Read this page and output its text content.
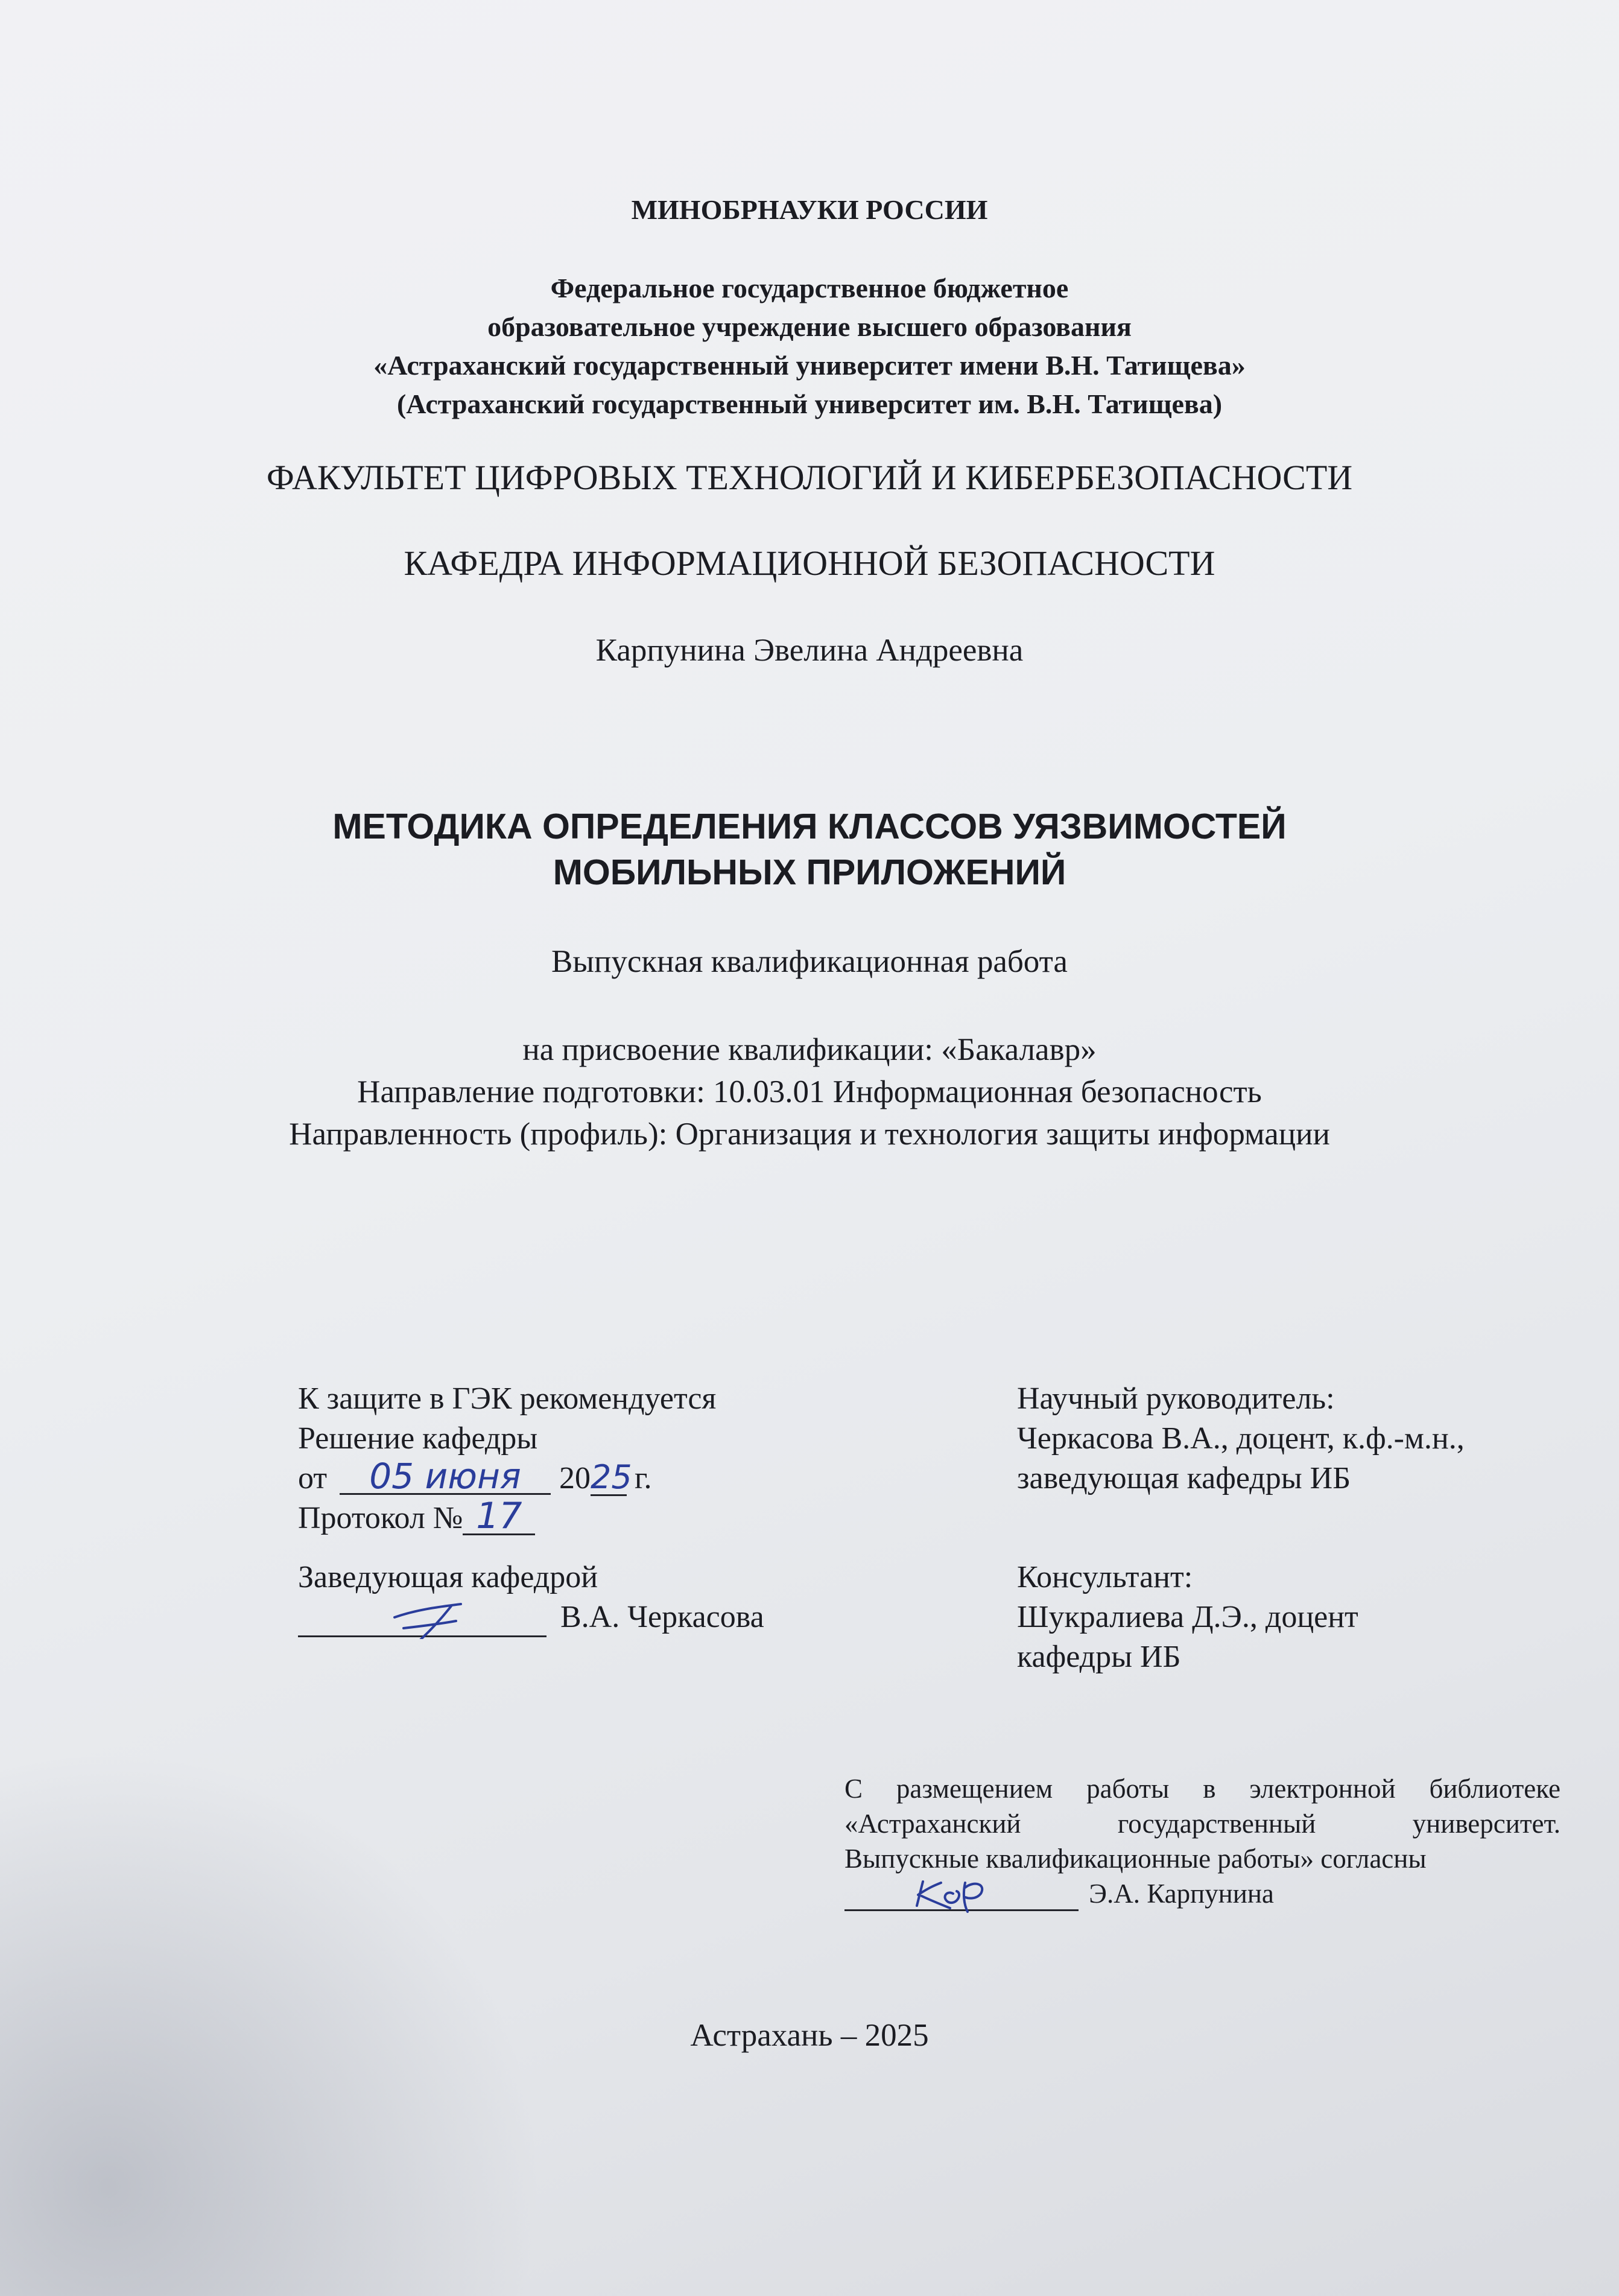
МИНОБРНАУКИ РОССИИ
Федеральное государственное бюджетное
образовательное учреждение высшего образования
«Астраханский государственный университет имени В.Н. Татищева»
(Астраханский государственный университет им. В.Н. Татищева)
ФАКУЛЬТЕТ ЦИФРОВЫХ ТЕХНОЛОГИЙ И КИБЕРБЕЗОПАСНОСТИ
КАФЕДРА ИНФОРМАЦИОННОЙ БЕЗОПАСНОСТИ
Карпунина Эвелина Андреевна
МЕТОДИКА ОПРЕДЕЛЕНИЯ КЛАССОВ УЯЗВИМОСТЕЙ
МОБИЛЬНЫХ ПРИЛОЖЕНИЙ
Выпускная квалификационная работа
на присвоение квалификации: «Бакалавр»
Направление подготовки: 10.03.01 Информационная безопасность
Направленность (профиль): Организация и технология защиты информации
К защите в ГЭК рекомендуется
Решение кафедры
от 05 июня 2025 г.
Протокол № 17
Заведующая кафедрой
В.А. Черкасова
Научный руководитель:
Черкасова В.А., доцент, к.ф.-м.н.,
заведующая кафедры ИБ
Консультант:
Шукралиева Д.Э., доцент
кафедры ИБ
С размещением работы в электронной библиотеке
«Астраханский государственный университет.
Выпускные квалификационные работы» согласны
Э.А. Карпунина
Астрахань – 2025
